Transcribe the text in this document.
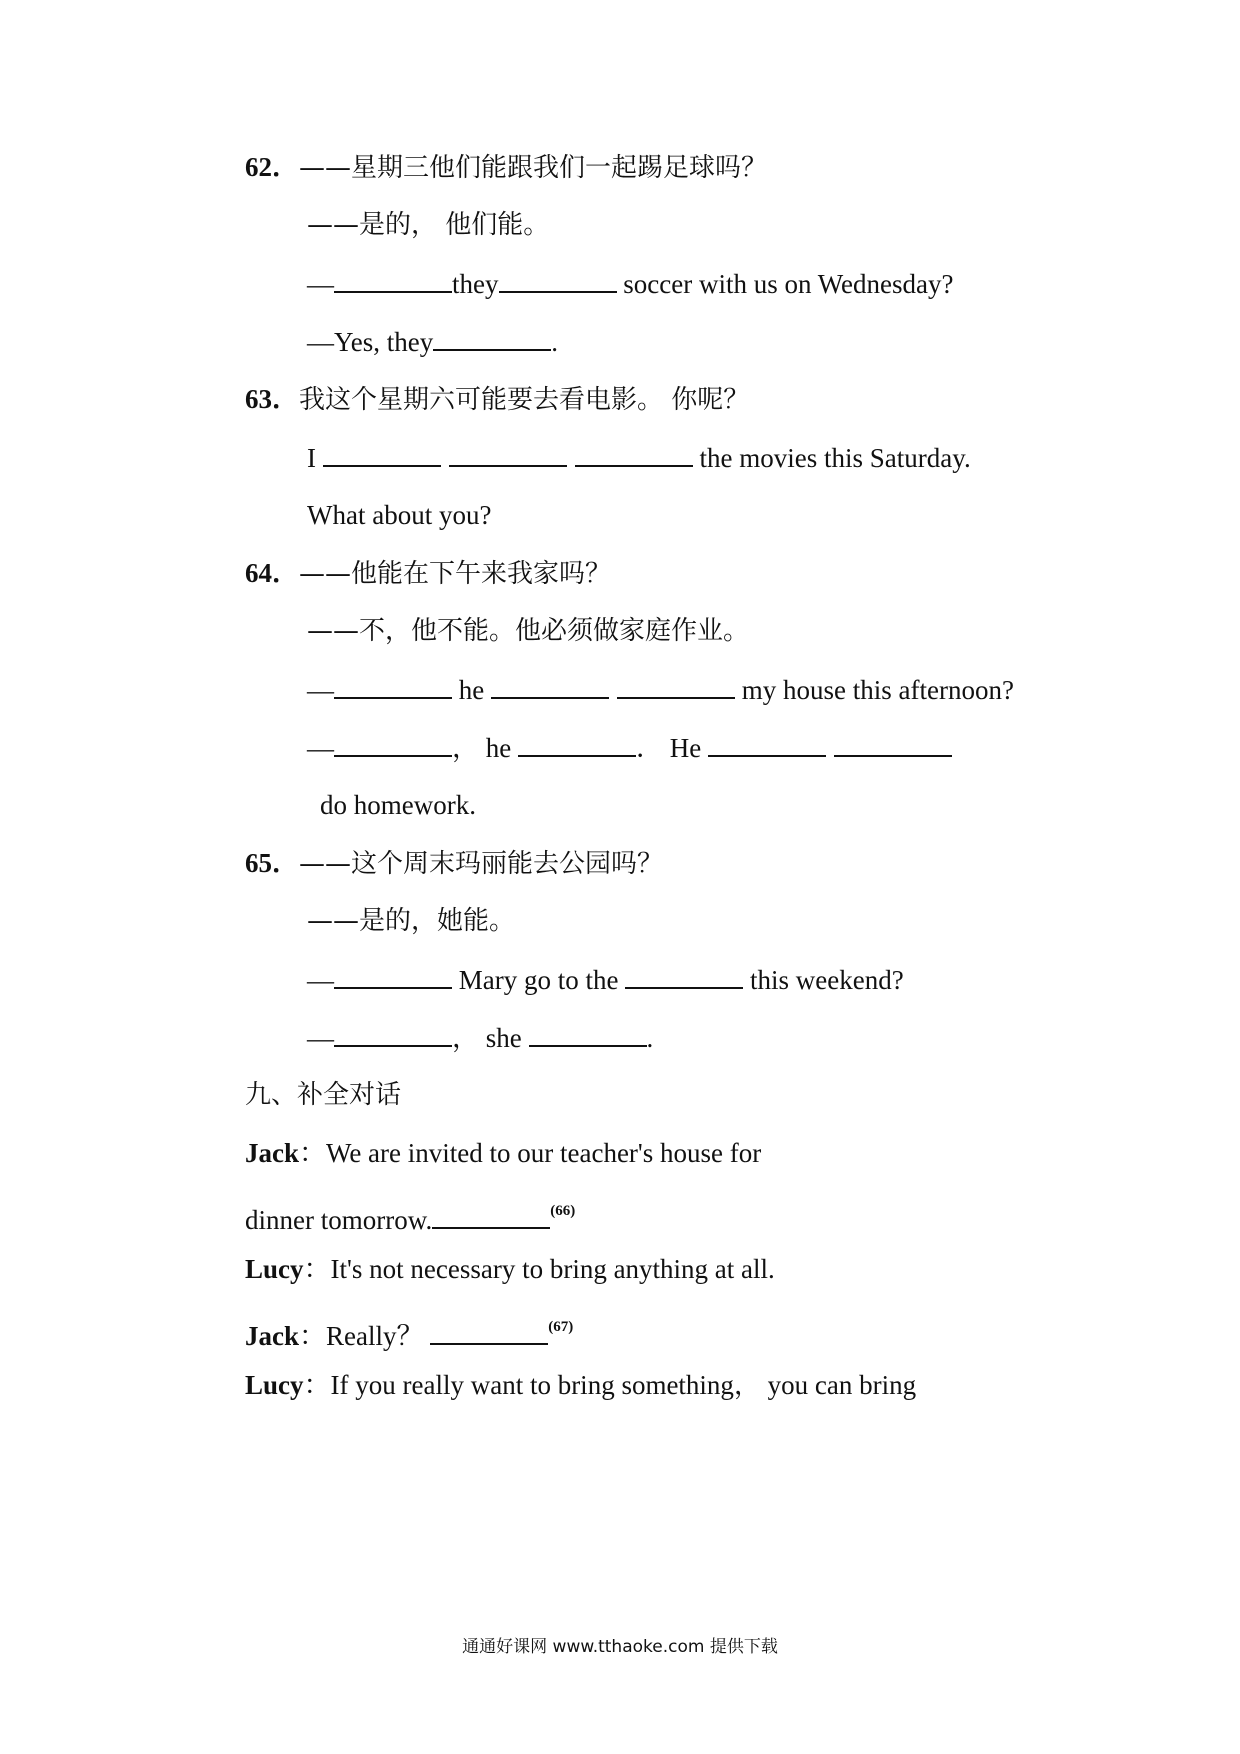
62．——星期三他们能跟我们一起踢足球吗？
——是的， 他们能。
—	they	soccer with us on Wednesday?
—Yes, they	.
63．我这个星期六可能要去看电影。 你呢？
I	the movies this Saturday.
What about you?
64．——他能在下午来我家吗？
——不，他不能。他必须做家庭作业。
—	he	my house this afternoon?
—	， he	． He
do homework.
65．——这个周末玛丽能去公园吗？
——是的，她能。
—	Mary go to the	this weekend?
—	， she	.
九、补全对话
Jack：We are invited to our teacher's house for
dinner tomorrow.	$^{(66)}$
Lucy：It's not necessary to bring anything at all.
Jack：Really？	$^{(67)}$
Lucy：If you really want to bring something， you can bring
通通好课网 www.tthaoke.com 提供下载
